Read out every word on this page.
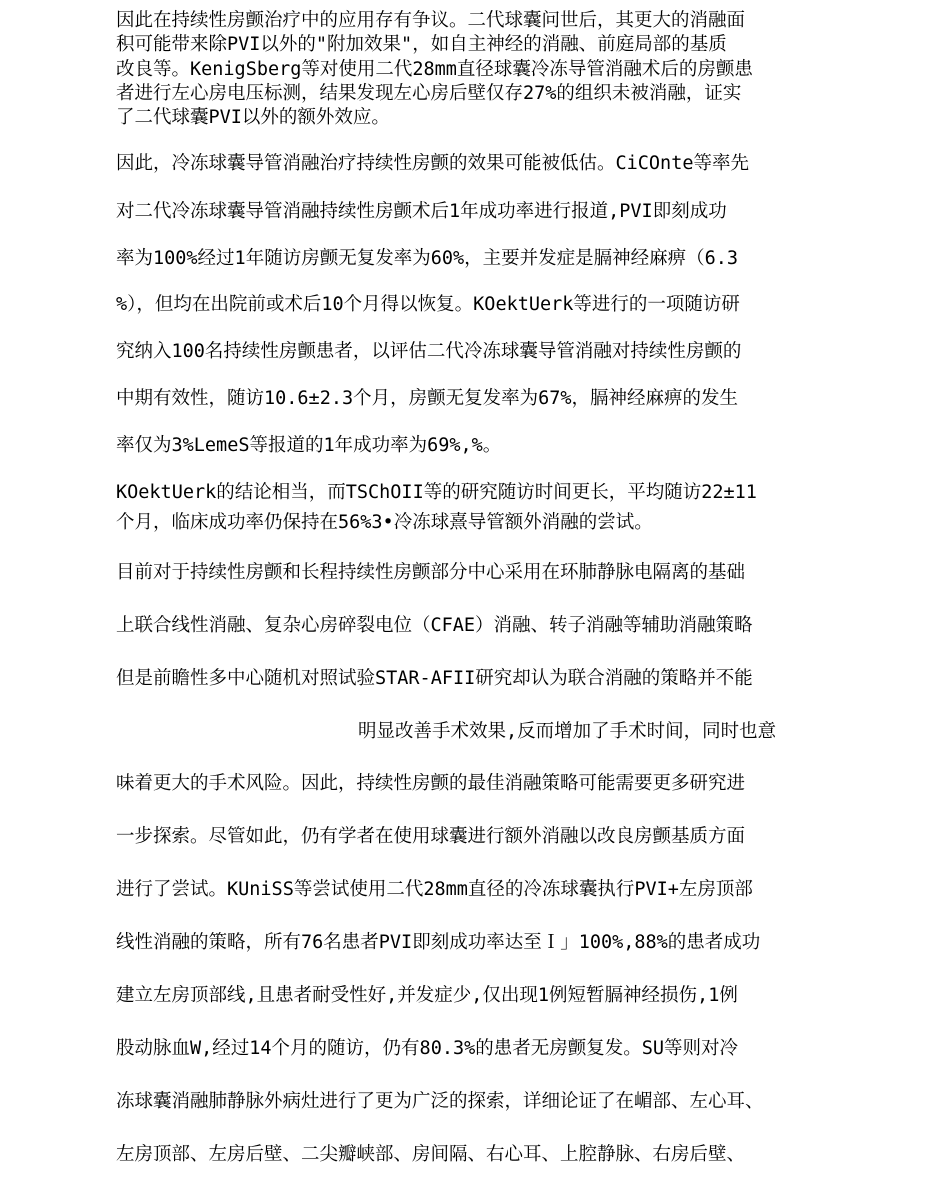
因此在持续性房颤治疗中的应用存有争议。二代球囊问世后，其更大的消融面
积可能带来除PVI以外的"附加效果"，如自主神经的消融、前庭局部的基质
改良等。KenigSberg等对使用二代28mm直径球囊冷冻导管消融术后的房颤患
者进行左心房电压标测，结果发现左心房后壁仅存27%的组织未被消融，证实
了二代球囊PVI以外的额外效应。
因此，冷冻球囊导管消融治疗持续性房颤的效果可能被低估。CiCOnte等率先
对二代冷冻球囊导管消融持续性房颤术后1年成功率进行报道,PVI即刻成功
率为100%经过1年随访房颤无复发率为60%，主要并发症是膈神经麻痹（6.3
%），但均在出院前或术后10个月得以恢复。KOektUerk等进行的一项随访研
究纳入100名持续性房颤患者，以评估二代冷冻球囊导管消融对持续性房颤的
中期有效性，随访10.6±2.3个月，房颤无复发率为67%，膈神经麻痹的发生
率仅为3%LemeS等报道的1年成功率为69%,%。
KOektUerk的结论相当，而TSChOII等的研究随访时间更长，平均随访22±11
个月，临床成功率仍保持在56%3•冷冻球熹导管额外消融的尝试。
目前对于持续性房颤和长程持续性房颤部分中心采用在环肺静脉电隔离的基础
上联合线性消融、复杂心房碎裂电位（CFAE）消融、转子消融等辅助消融策略
但是前瞻性多中心随机对照试验STAR-AFII研究却认为联合消融的策略并不能
明显改善手术效果,反而增加了手术时间，同时也意
味着更大的手术风险。因此，持续性房颤的最佳消融策略可能需要更多研究进
一步探索。尽管如此，仍有学者在使用球囊进行额外消融以改良房颤基质方面
进行了尝试。KUniSS等尝试使用二代28mm直径的冷冻球囊执行PVI+左房顶部
线性消融的策略，所有76名患者PVI即刻成功率达至Ｉ」100%,88%的患者成功
建立左房顶部线,且患者耐受性好,并发症少,仅出现1例短暂膈神经损伤,1例
股动脉血W,经过14个月的随访，仍有80.3%的患者无房颤复发。SU等则对冷
冻球囊消融肺静脉外病灶进行了更为广泛的探索，详细论证了在嵋部、左心耳、
左房顶部、左房后壁、二尖瓣峡部、房间隔、右心耳、上腔静脉、右房后壁、
